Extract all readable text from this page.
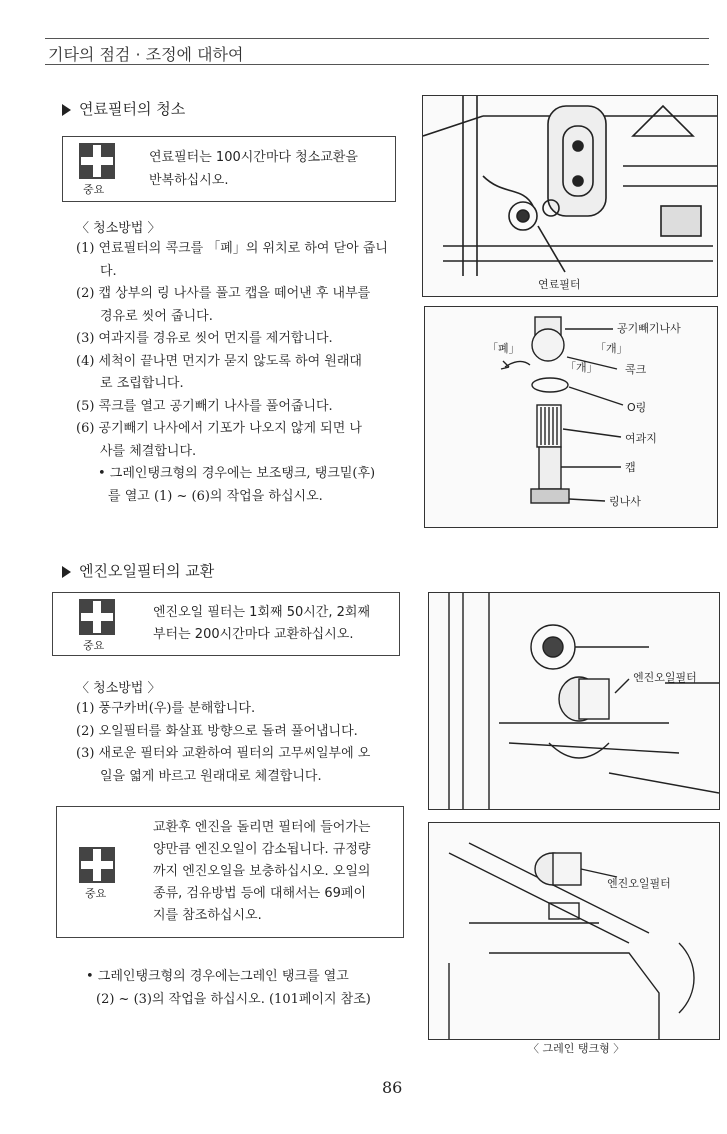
기타의 점검 · 조정에 대하여
연료필터의 청소
중요
연료필터는 100시간마다 청소교환을
반복하십시오.
〈 청소방법 〉
(1) 연료필터의 콕크를 「폐」의 위치로 하여 닫아 줍니
다.
(2) 캡 상부의 링 나사를 풀고 캡을 떼어낸 후 내부를
경유로 씻어 줍니다.
(3) 여과지를 경유로 씻어 먼지를 제거합니다.
(4) 세척이 끝나면 먼지가 묻지 않도록 하여 원래대
로 조립합니다.
(5) 콕크를 열고 공기빼기 나사를 풀어줍니다.
(6) 공기빼기 나사에서 기포가 나오지 않게 되면 나
사를 체결합니다.
• 그레인탱크형의 경우에는 보조탱크, 탱크밑(후)
를 열고 (1) ~ (6)의 작업을 하십시오.
연료필터
공기빼기나사
「폐」	「개」
「개」 콕크
O링
여과지
캡
링나사
엔진오일필터의 교환
중요
엔진오일 필터는 1회째 50시간, 2회째
부터는 200시간마다 교환하십시오.
〈 청소방법 〉
(1) 풍구카버(우)를 분해합니다.
(2) 오일필터를 화살표 방향으로 돌려 풀어냅니다.
(3) 새로운 필터와 교환하여 필터의 고무씨일부에 오
일을 엷게 바르고 원래대로 체결합니다.
중요
교환후 엔진을 돌리면 필터에 들어가는
양만큼 엔진오일이 감소됩니다. 규정량
까지 엔진오일을 보충하십시오. 오일의
종류, 검유방법 등에 대해서는 69페이
지를 참조하십시오.
• 그레인탱크형의 경우에는그레인 탱크를 열고
(2) ~ (3)의 작업을 하십시오. (101페이지 참조)
엔진오일필터
엔진오일필터
〈 그레인 탱크형 〉
86
